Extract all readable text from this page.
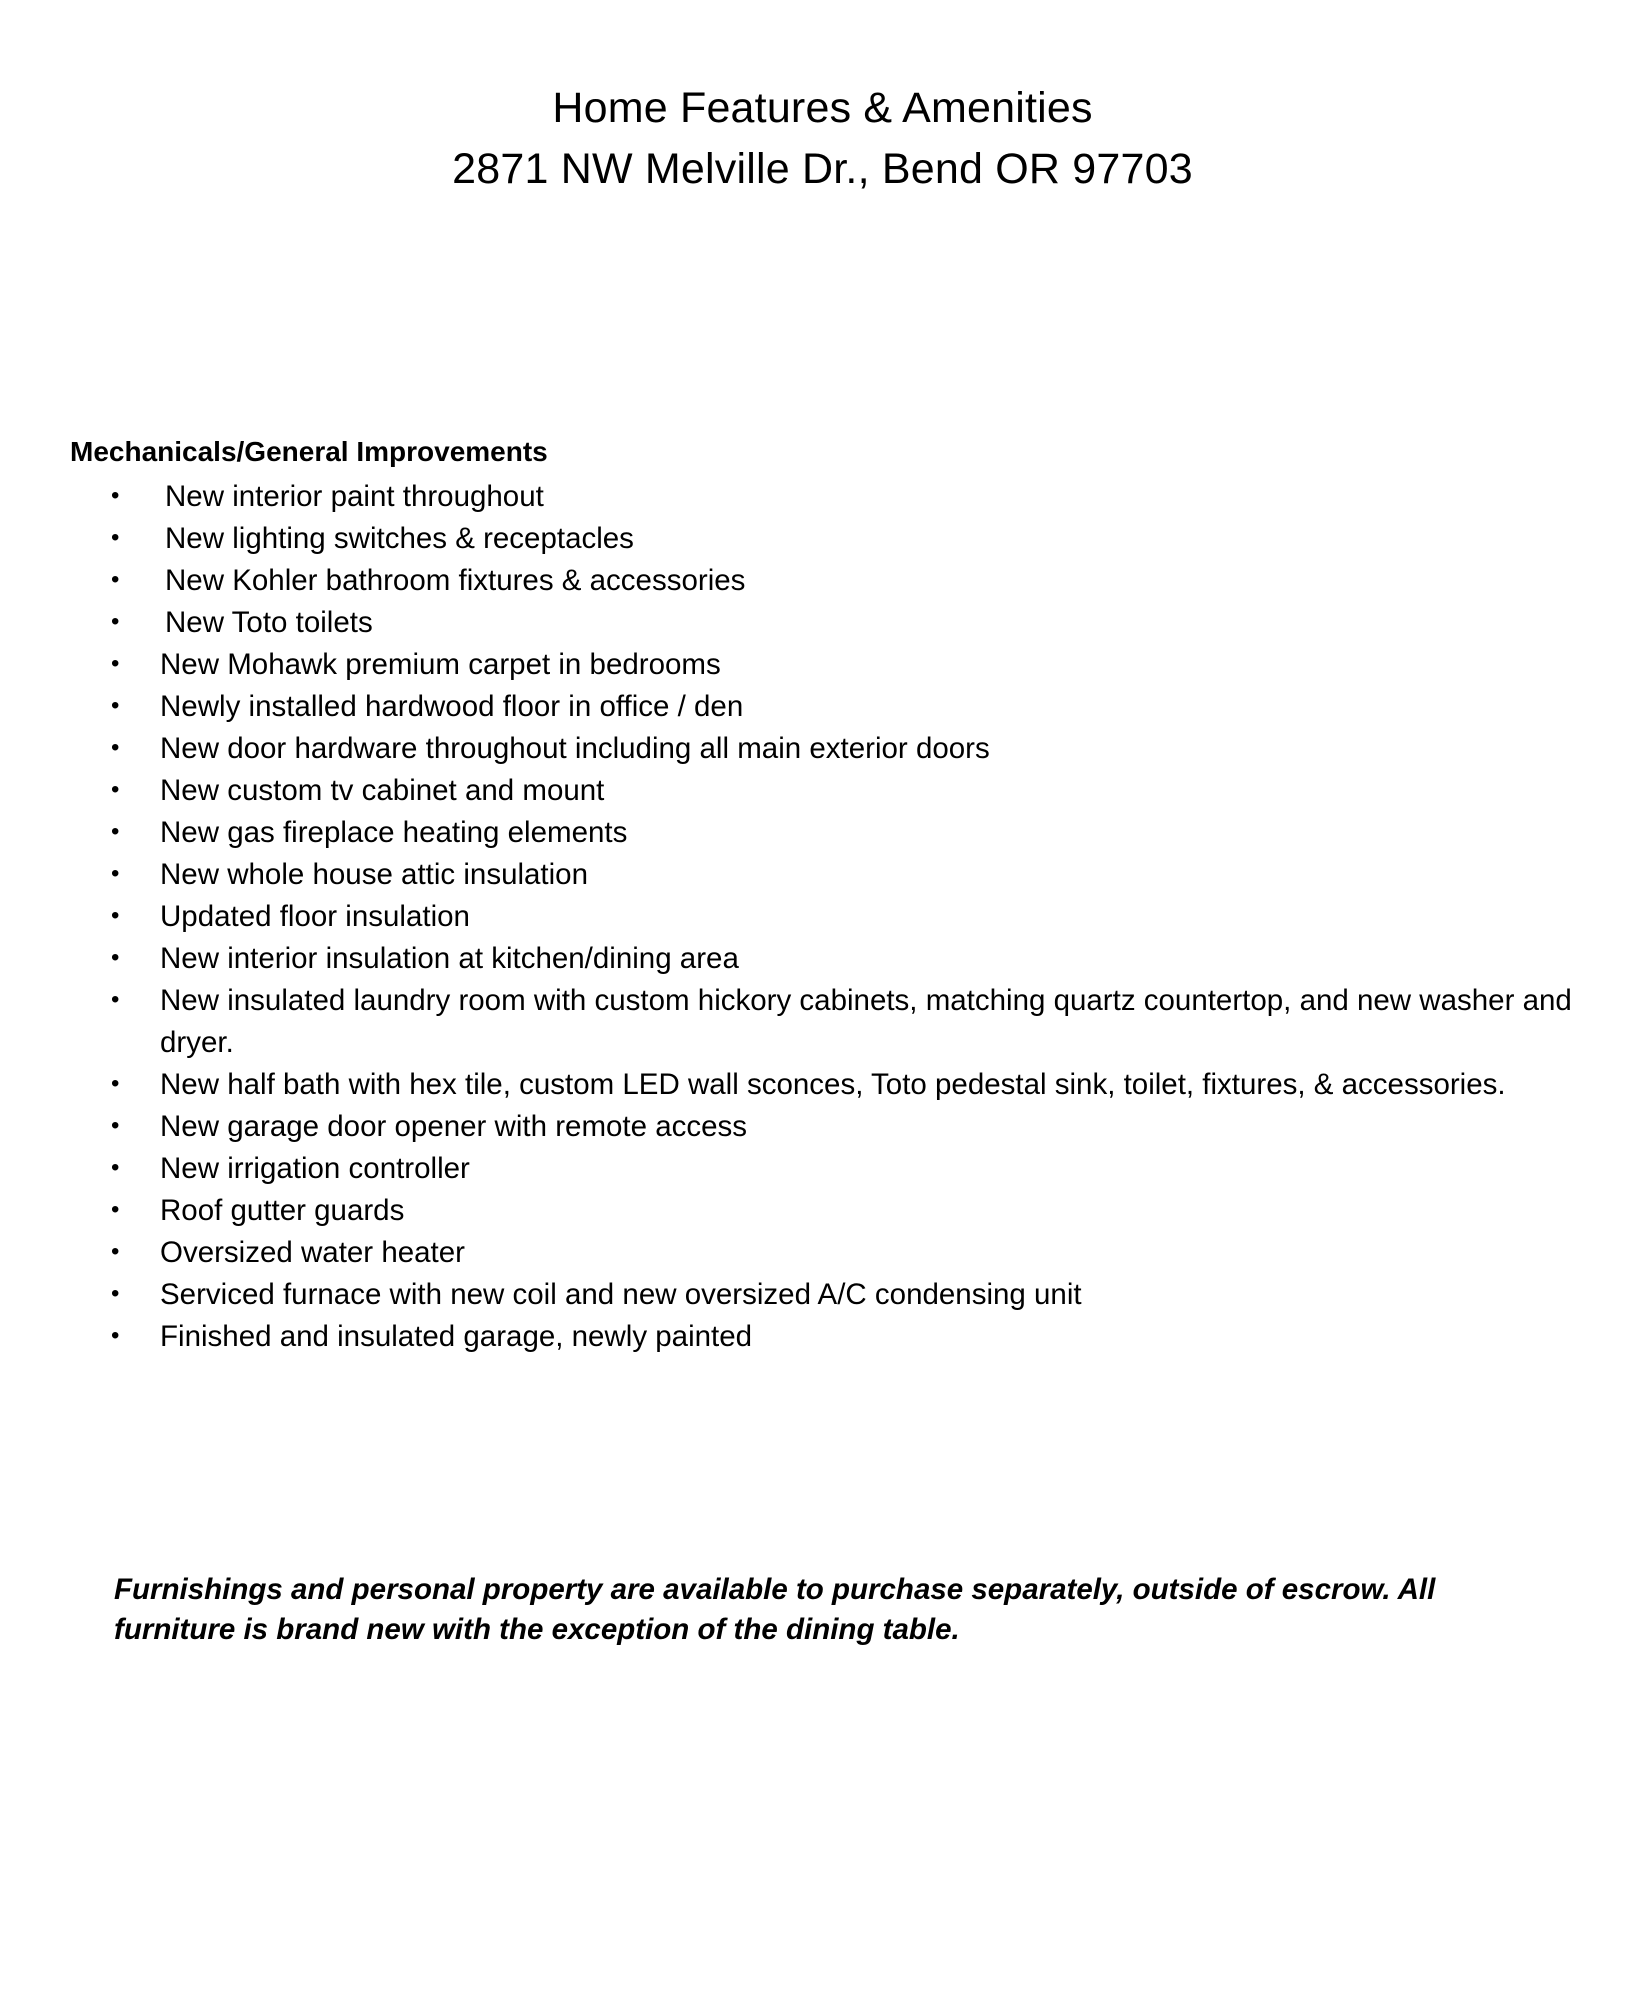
Home Features & Amenities
2871 NW Melville Dr., Bend OR 97703
Mechanicals/General Improvements
• New interior paint throughout
• New lighting switches & receptacles
• New Kohler bathroom fixtures & accessories
• New Toto toilets
• New Mohawk premium carpet in bedrooms
• Newly installed hardwood floor in office / den
• New door hardware throughout including all main exterior doors
• New custom tv cabinet and mount
• New gas fireplace heating elements
• New whole house attic insulation
• Updated floor insulation
• New interior insulation at kitchen/dining area
• New insulated laundry room with custom hickory cabinets, matching quartz countertop, and new washer and dryer.
• New half bath with hex tile, custom LED wall sconces, Toto pedestal sink, toilet, fixtures, & accessories.
• New garage door opener with remote access
• New irrigation controller
• Roof gutter guards
• Oversized water heater
• Serviced furnace with new coil and new oversized A/C condensing unit
• Finished and insulated garage, newly painted
Furnishings and personal property are available to purchase separately, outside of escrow. All furniture is brand new with the exception of the dining table.
